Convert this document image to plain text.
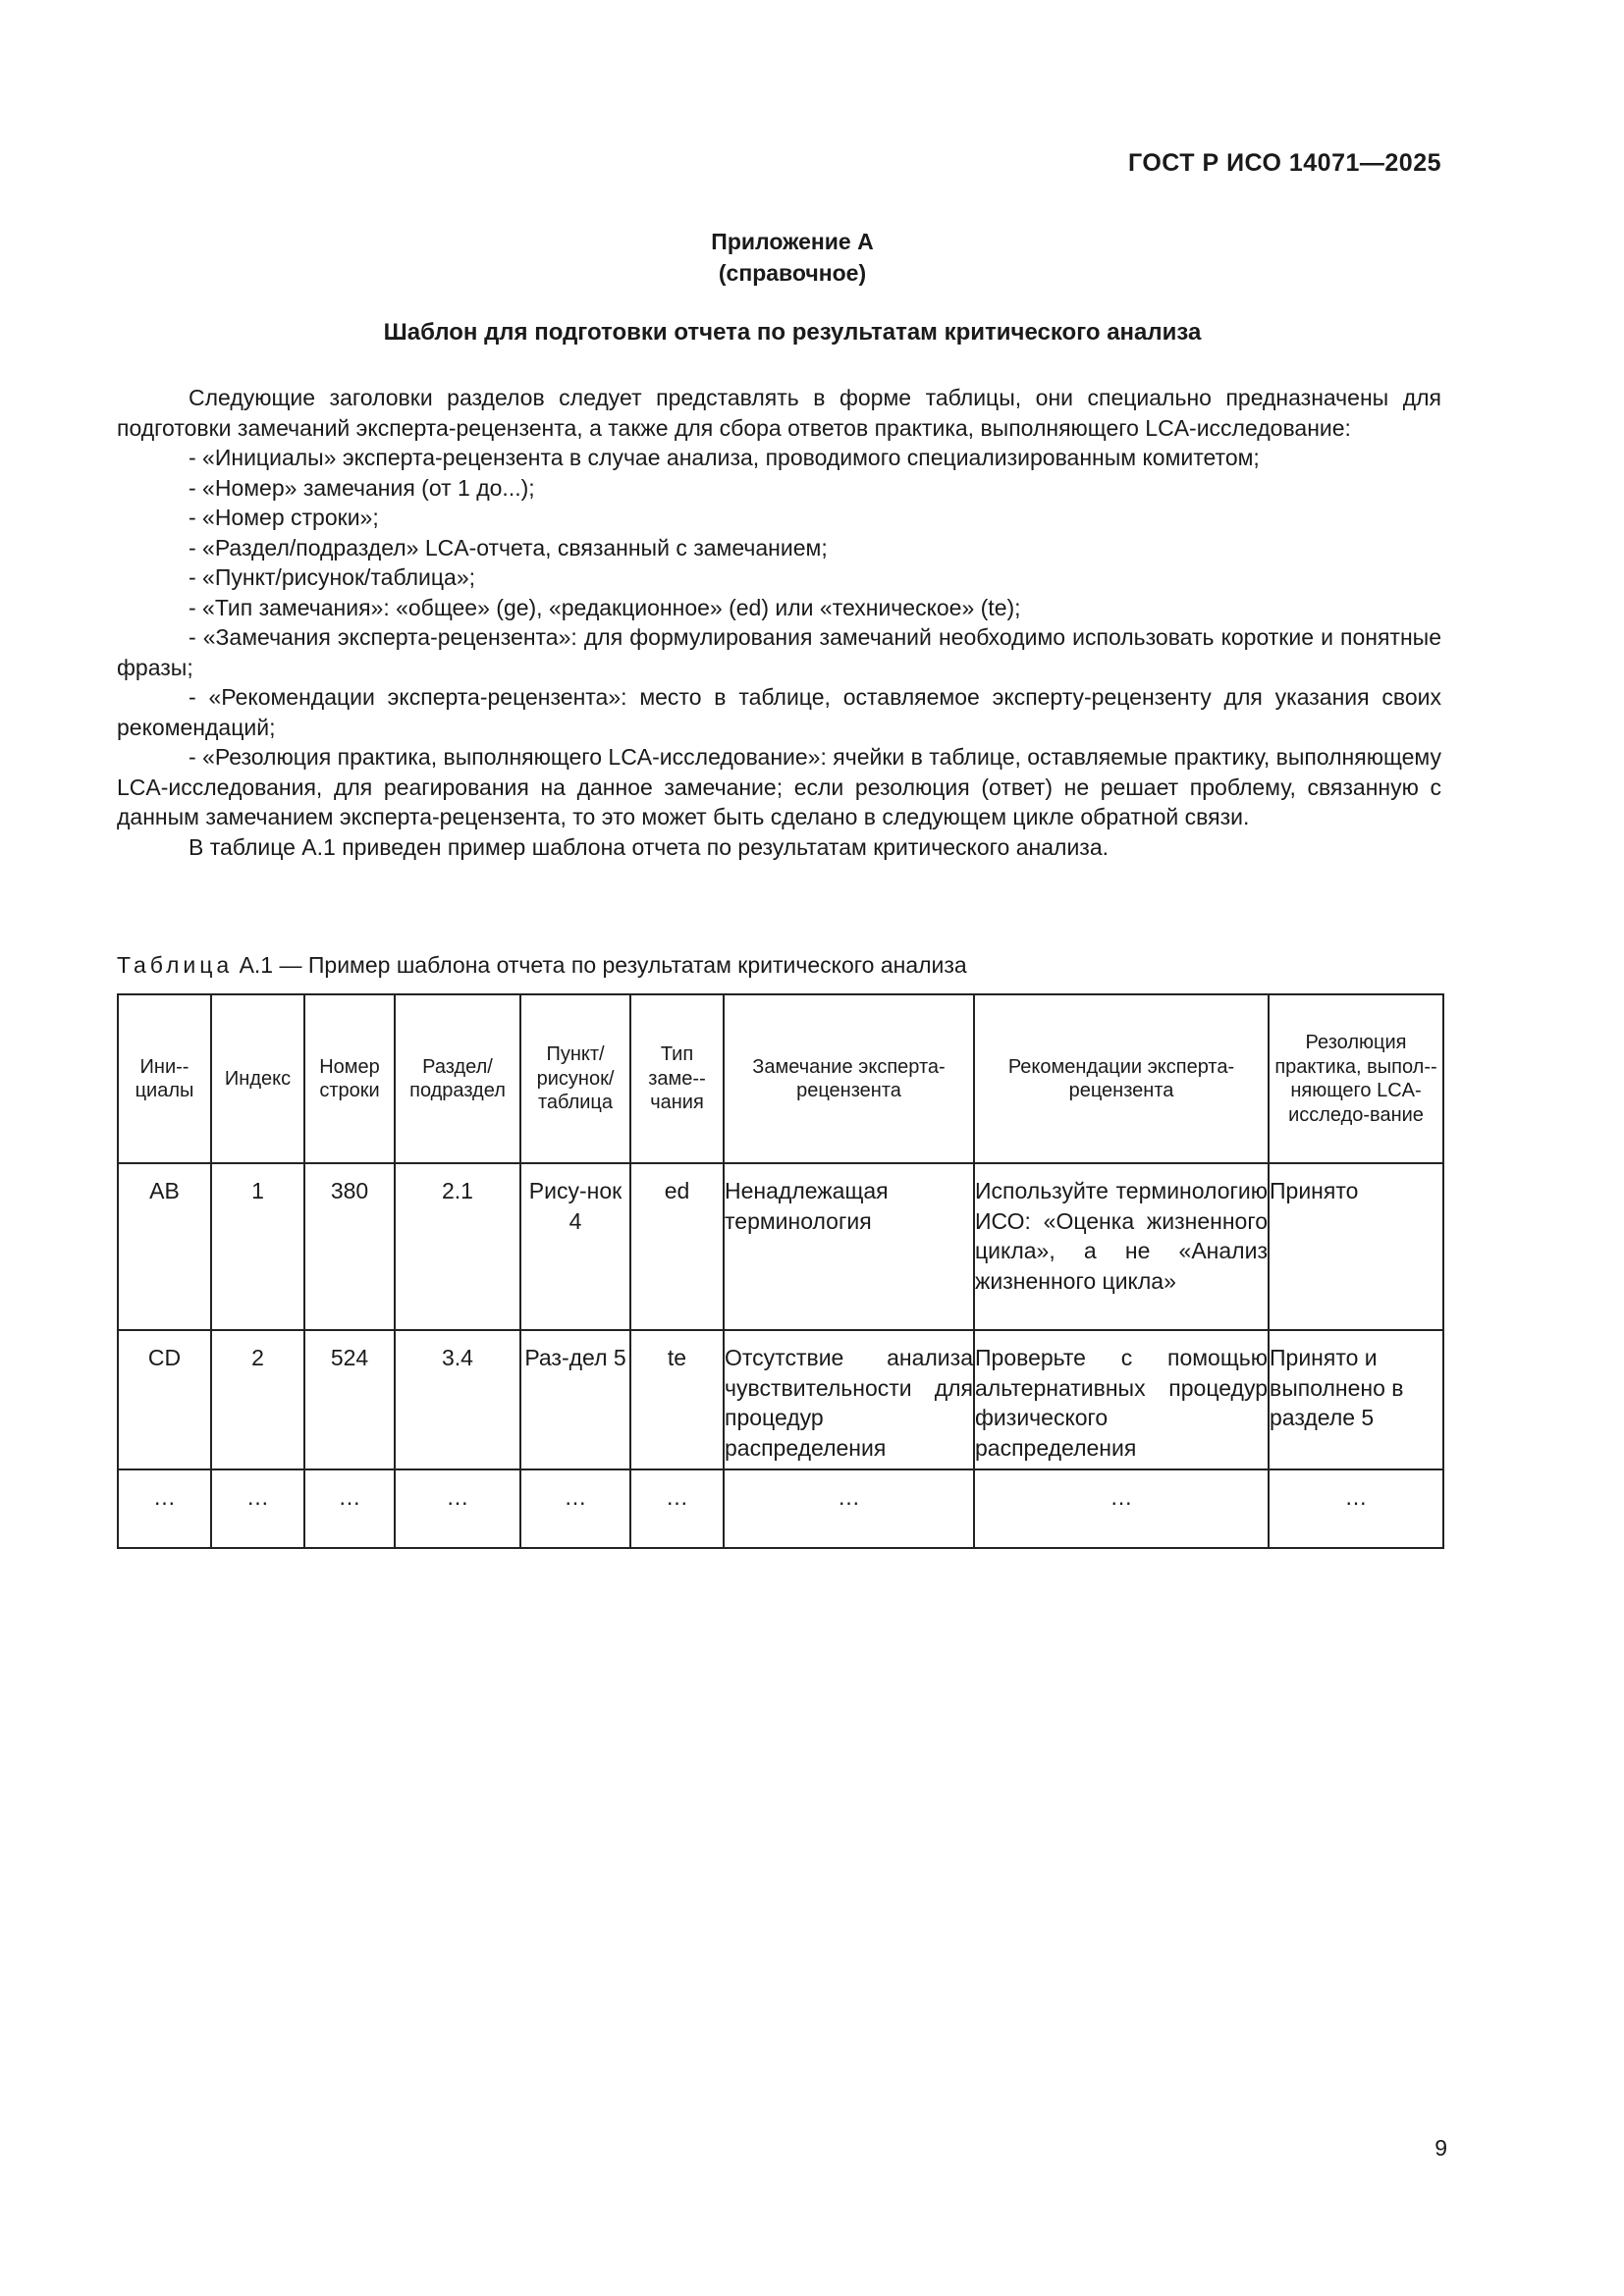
ГОСТ Р ИСО 14071—2025
Приложение А
(справочное)
Шаблон для подготовки отчета по результатам критического анализа

Следующие заголовки разделов следует представлять в форме таблицы, они специально предназначены для подготовки замечаний эксперта-рецензента, а также для сбора ответов практика, выполняющего LCA-исследование:

- «Инициалы» эксперта-рецензента в случае анализа, проводимого специализированным комитетом;

- «Номер» замечания (от 1 до...);

- «Номер строки»;

- «Раздел/подраздел» LCA-отчета, связанный с замечанием;

- «Пункт/рисунок/таблица»;

- «Тип замечания»: «общее» (ge), «редакционное» (ed) или «техническое» (te);

- «Замечания эксперта-рецензента»: для формулирования замечаний необходимо использовать короткие и понятные фразы;

- «Рекомендации эксперта-рецензента»: место в таблице, оставляемое эксперту-рецензенту для указания своих рекомендаций;

- «Резолюция практика, выполняющего LCA-исследование»: ячейки в таблице, оставляемые практику, выполняющему LCA-исследования, для реагирования на данное замечание; если резолюция (ответ) не решает проблему, связанную с данным замечанием эксперта-рецензента, то это может быть сделано в следующем цикле обратной связи.

В таблице А.1 приведен пример шаблона отчета по результатам критического анализа.

Таблица А.1 — Пример шаблона отчета по результатам критического анализа
Ини-циалы	Индекс	Номер строки	Раздел/ подраздел	Пункт/ рисунок/ таблица	Тип заме-чания	Замечание эксперта-рецензента	Рекомендации эксперта-рецензента	Резолюция практика, выпол-няющего LCA-исследо-вание
AB	1	380	2.1	Рису-нок 4	ed	Ненадлежащая терминология	Используйте терминологию ИСО: «Оценка жизненного цикла», а не «Анализ жизненного цикла»	Принято
CD	2	524	3.4	Раз-дел 5	te	Отсутствие анализа чувствительности для процедур распределения	Проверьте с помощью альтернативных процедур физического распределения	Принято и выполнено в разделе 5
…	…	…	…	…	…	…	…	…
9
